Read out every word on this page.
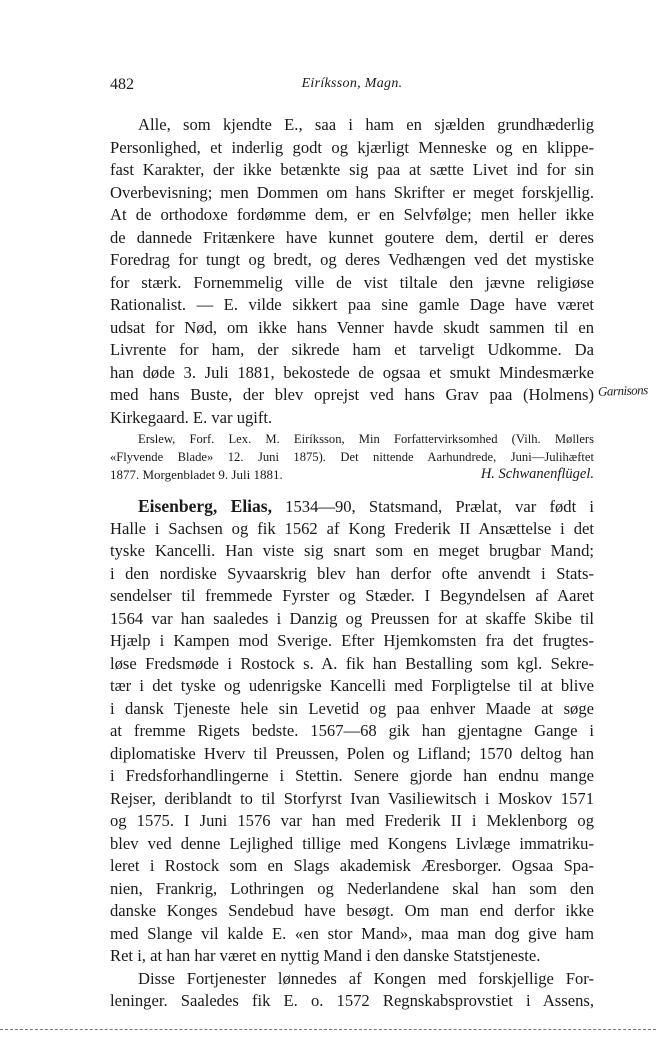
482	Eiríksson, Magn.
Alle, som kjendte E., saa i ham en sjælden grundhæderlig
Personlighed, et inderlig godt og kjærligt Menneske og en klippe-
fast Karakter, der ikke betænkte sig paa at sætte Livet ind for sin
Overbevisning; men Dommen om hans Skrifter er meget forskjellig.
At de orthodoxe fordømme dem, er en Selvfølge; men heller ikke
de dannede Fritænkere have kunnet goutere dem, dertil er deres
Foredrag for tungt og bredt, og deres Vedhængen ved det mystiske
for stærk. Fornemmelig ville de vist tiltale den jævne religiøse
Rationalist. — E. vilde sikkert paa sine gamle Dage have været
udsat for Nød, om ikke hans Venner havde skudt sammen til en
Livrente for ham, der sikrede ham et tarveligt Udkomme. Da
han døde 3. Juli 1881, bekostede de ogsaa et smukt Mindesmærke
med hans Buste, der blev oprejst ved hans Grav paa (Holmens)
Kirkegaard. E. var ugift.
Garnisons
Erslew, Forf. Lex. M. Eiríksson, Min Forfattervirksomhed (Vilh. Møllers
«Flyvende Blade» 12. Juni 1875). Det nittende Aarhundrede, Juni—Julihæftet
1877. Morgenbladet 9. Juli 1881.	H. Schwanenflügel.
Eisenberg, Elias, 1534—90, Statsmand, Prælat, var født i
Halle i Sachsen og fik 1562 af Kong Frederik II Ansættelse i det
tyske Kancelli. Han viste sig snart som en meget brugbar Mand;
i den nordiske Syvaarskrig blev han derfor ofte anvendt i Stats-
sendelser til fremmede Fyrster og Stæder. I Begyndelsen af Aaret
1564 var han saaledes i Danzig og Preussen for at skaffe Skibe til
Hjælp i Kampen mod Sverige. Efter Hjemkomsten fra det frugtes-
løse Fredsmøde i Rostock s. A. fik han Bestalling som kgl. Sekre-
tær i det tyske og udenrigske Kancelli med Forpligtelse til at blive
i dansk Tjeneste hele sin Levetid og paa enhver Maade at søge
at fremme Rigets bedste. 1567—68 gik han gjentagne Gange i
diplomatiske Hverv til Preussen, Polen og Lifland; 1570 deltog han
i Fredsforhandlingerne i Stettin. Senere gjorde han endnu mange
Rejser, deriblandt to til Storfyrst Ivan Vasiliewitsch i Moskov 1571
og 1575. I Juni 1576 var han med Frederik II i Meklenborg og
blev ved denne Lejlighed tillige med Kongens Livlæge immatriku-
leret i Rostock som en Slags akademisk Æresborger. Ogsaa Spa-
nien, Frankrig, Lothringen og Nederlandene skal han som den
danske Konges Sendebud have besøgt. Om man end derfor ikke
med Slange vil kalde E. «en stor Mand», maa man dog give ham
Ret i, at han har været en nyttig Mand i den danske Statstjeneste.
Disse Fortjenester lønnedes af Kongen med forskjellige For-
leninger. Saaledes fik E. o. 1572 Regnskabsprovstiet i Assens,
